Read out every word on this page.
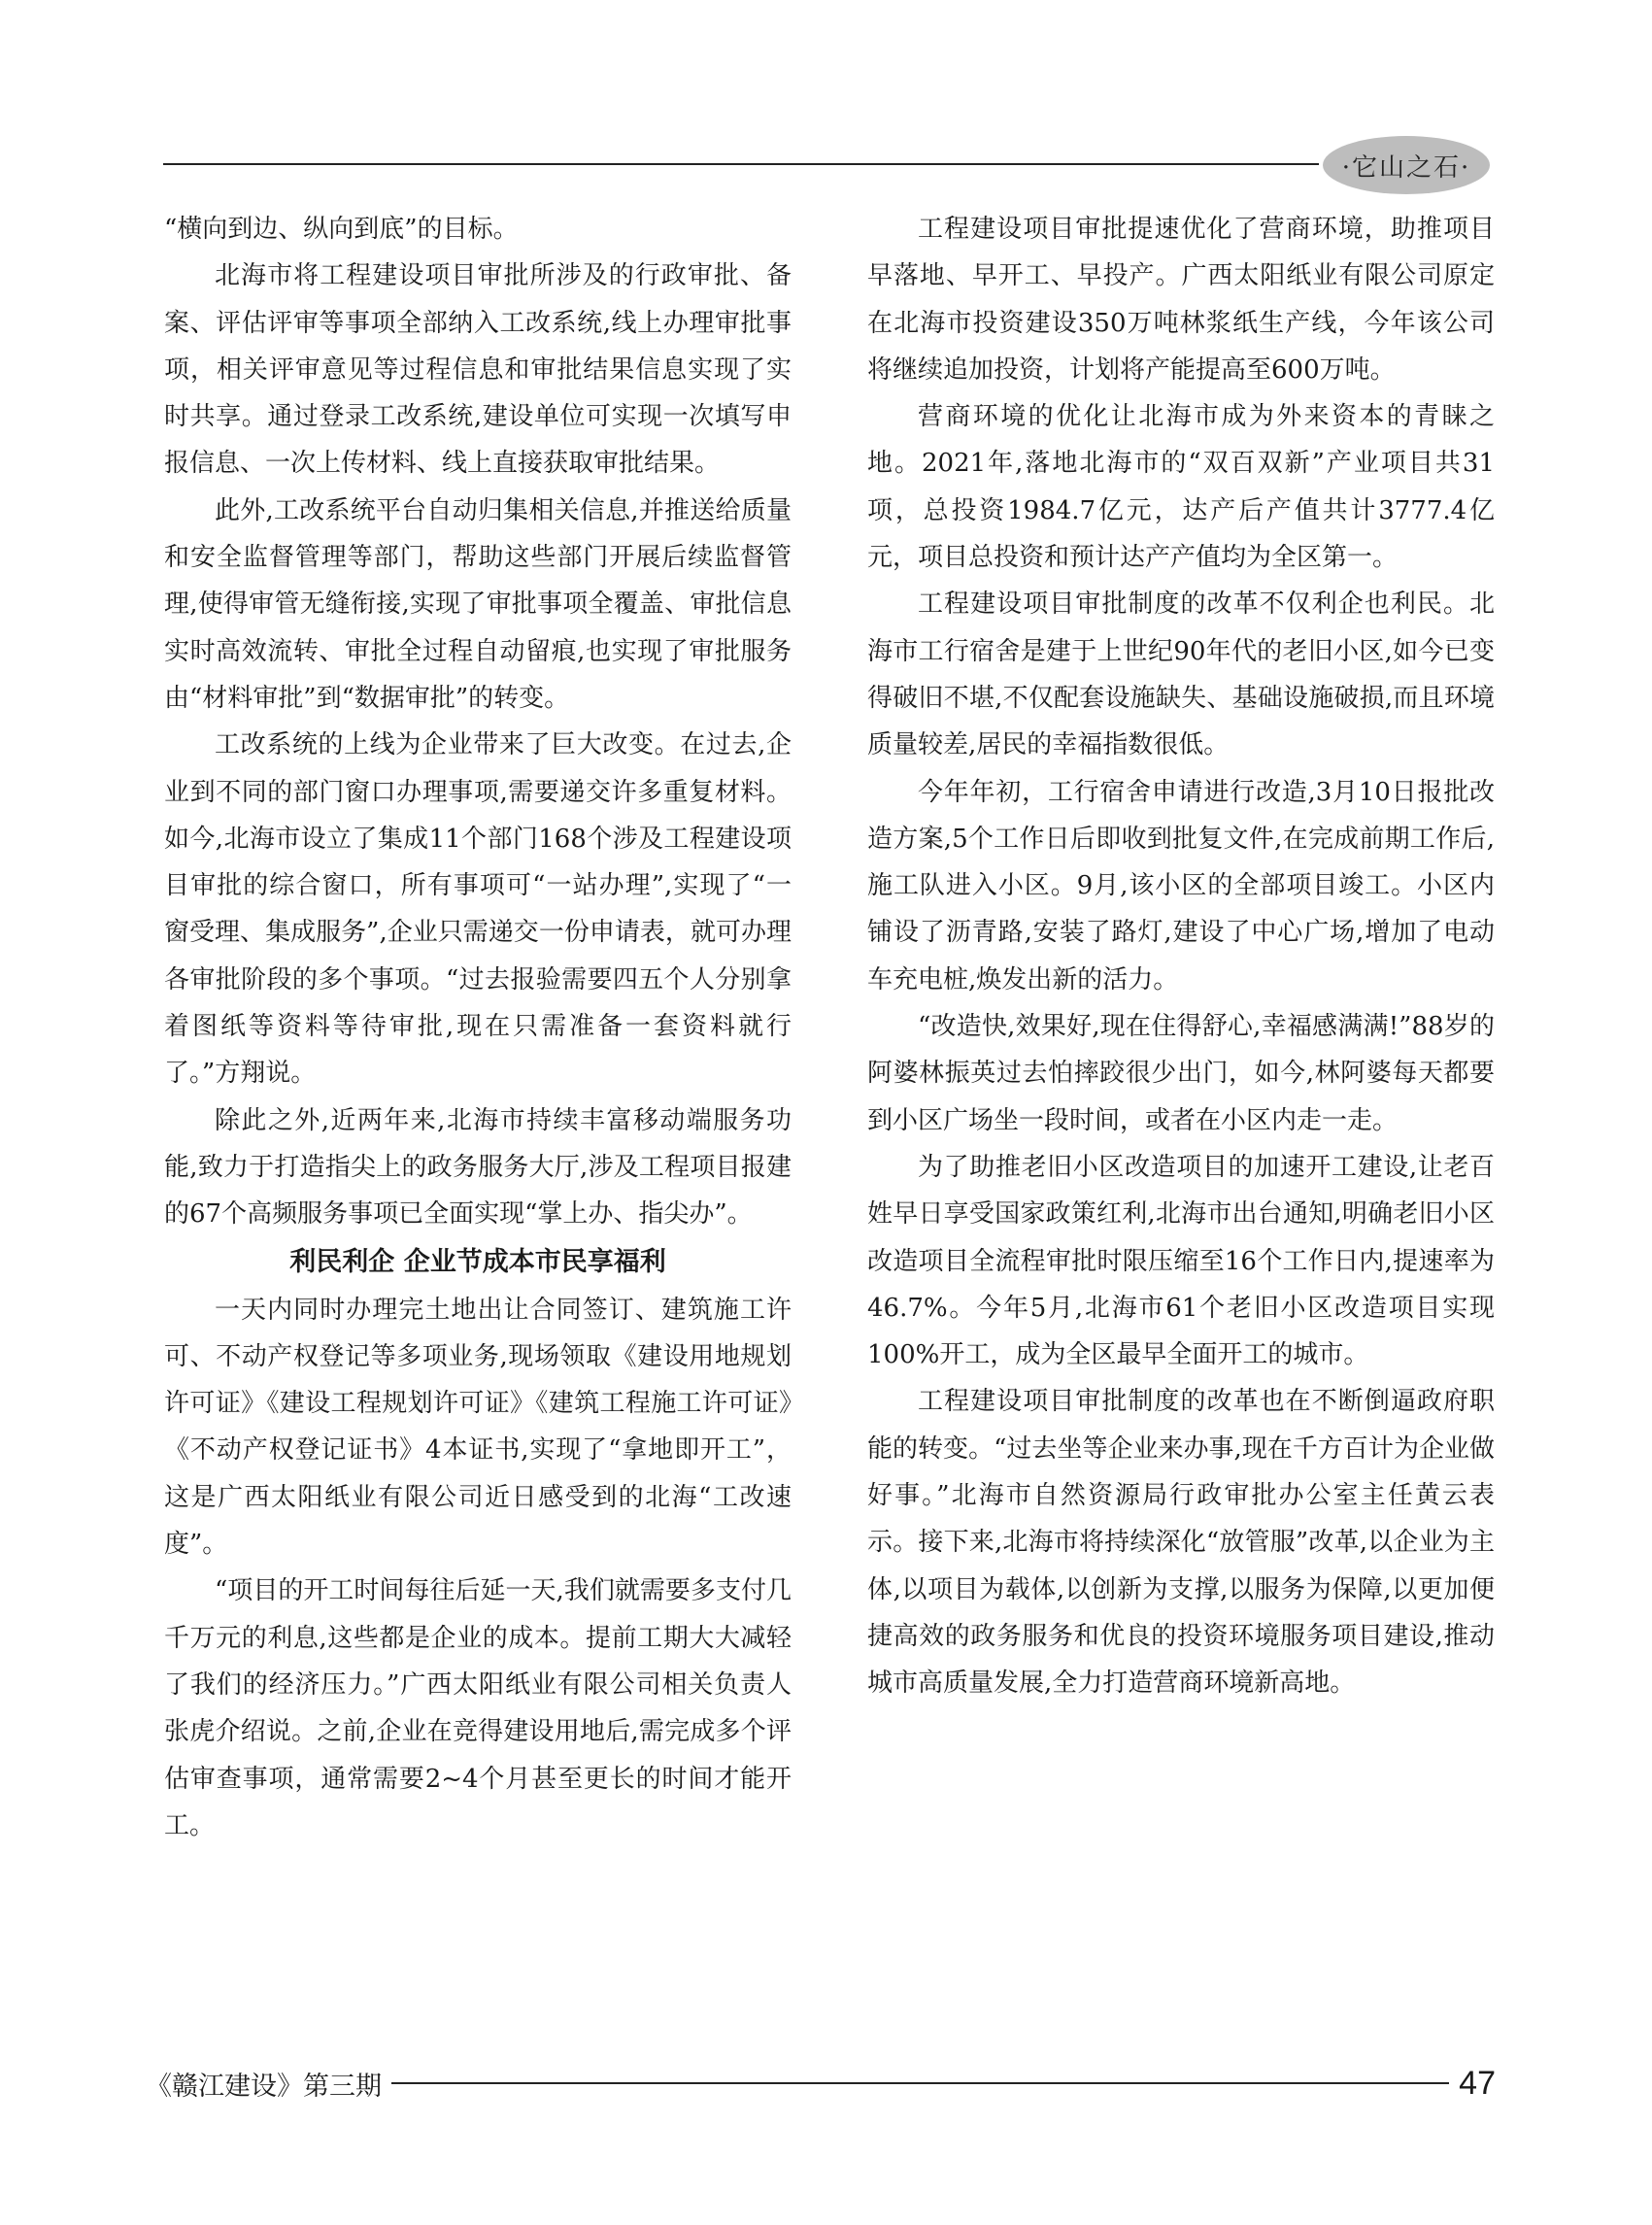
·它山之石·

“横向到边、纵向到底”的目标。

北海市将工程建设项目审批所涉及的行政审批、备案、评估评审等事项全部纳入工改系统,线上办理审批事项，相关评审意见等过程信息和审批结果信息实现了实时共享。通过登录工改系统,建设单位可实现一次填写申报信息、一次上传材料、线上直接获取审批结果。

此外,工改系统平台自动归集相关信息,并推送给质量和安全监督管理等部门，帮助这些部门开展后续监督管理,使得审管无缝衔接,实现了审批事项全覆盖、审批信息实时高效流转、审批全过程自动留痕,也实现了审批服务由“材料审批”到“数据审批”的转变。

工改系统的上线为企业带来了巨大改变。在过去,企业到不同的部门窗口办理事项,需要递交许多重复材料。如今,北海市设立了集成11个部门168个涉及工程建设项目审批的综合窗口，所有事项可“一站办理”,实现了“一窗受理、集成服务”,企业只需递交一份申请表，就可办理各审批阶段的多个事项。“过去报验需要四五个人分别拿着图纸等资料等待审批,现在只需准备一套资料就行了。”方翔说。

除此之外,近两年来,北海市持续丰富移动端服务功能,致力于打造指尖上的政务服务大厅,涉及工程项目报建的67个高频服务事项已全面实现“掌上办、指尖办”。

利民利企 企业节成本市民享福利

一天内同时办理完土地出让合同签订、建筑施工许可、不动产权登记等多项业务,现场领取《建设用地规划许可证》《建设工程规划许可证》《建筑工程施工许可证》《不动产权登记证书》4本证书,实现了“拿地即开工”，这是广西太阳纸业有限公司近日感受到的北海“工改速度”。

“项目的开工时间每往后延一天,我们就需要多支付几千万元的利息,这些都是企业的成本。提前工期大大减轻了我们的经济压力。”广西太阳纸业有限公司相关负责人张虎介绍说。之前,企业在竞得建设用地后,需完成多个评估审查事项，通常需要2~4个月甚至更长的时间才能开工。

工程建设项目审批提速优化了营商环境，助推项目早落地、早开工、早投产。广西太阳纸业有限公司原定在北海市投资建设350万吨林浆纸生产线，今年该公司将继续追加投资，计划将产能提高至600万吨。

营商环境的优化让北海市成为外来资本的青睐之地。2021年,落地北海市的“双百双新”产业项目共31项，总投资1984.7亿元，达产后产值共计3777.4亿元，项目总投资和预计达产产值均为全区第一。

工程建设项目审批制度的改革不仅利企也利民。北海市工行宿舍是建于上世纪90年代的老旧小区,如今已变得破旧不堪,不仅配套设施缺失、基础设施破损,而且环境质量较差,居民的幸福指数很低。

今年年初，工行宿舍申请进行改造,3月10日报批改造方案,5个工作日后即收到批复文件,在完成前期工作后,施工队进入小区。9月,该小区的全部项目竣工。小区内铺设了沥青路,安装了路灯,建设了中心广场,增加了电动车充电桩,焕发出新的活力。

“改造快,效果好,现在住得舒心,幸福感满满!”88岁的阿婆林振英过去怕摔跤很少出门，如今,林阿婆每天都要到小区广场坐一段时间，或者在小区内走一走。

为了助推老旧小区改造项目的加速开工建设,让老百姓早日享受国家政策红利,北海市出台通知,明确老旧小区改造项目全流程审批时限压缩至16个工作日内,提速率为46.7%。今年5月,北海市61个老旧小区改造项目实现100%开工，成为全区最早全面开工的城市。

工程建设项目审批制度的改革也在不断倒逼政府职能的转变。“过去坐等企业来办事,现在千方百计为企业做好事。”北海市自然资源局行政审批办公室主任黄云表示。接下来,北海市将持续深化“放管服”改革,以企业为主体,以项目为载体,以创新为支撑,以服务为保障,以更加便捷高效的政务服务和优良的投资环境服务项目建设,推动城市高质量发展,全力打造营商环境新高地。

《赣江建设》第三期	47
